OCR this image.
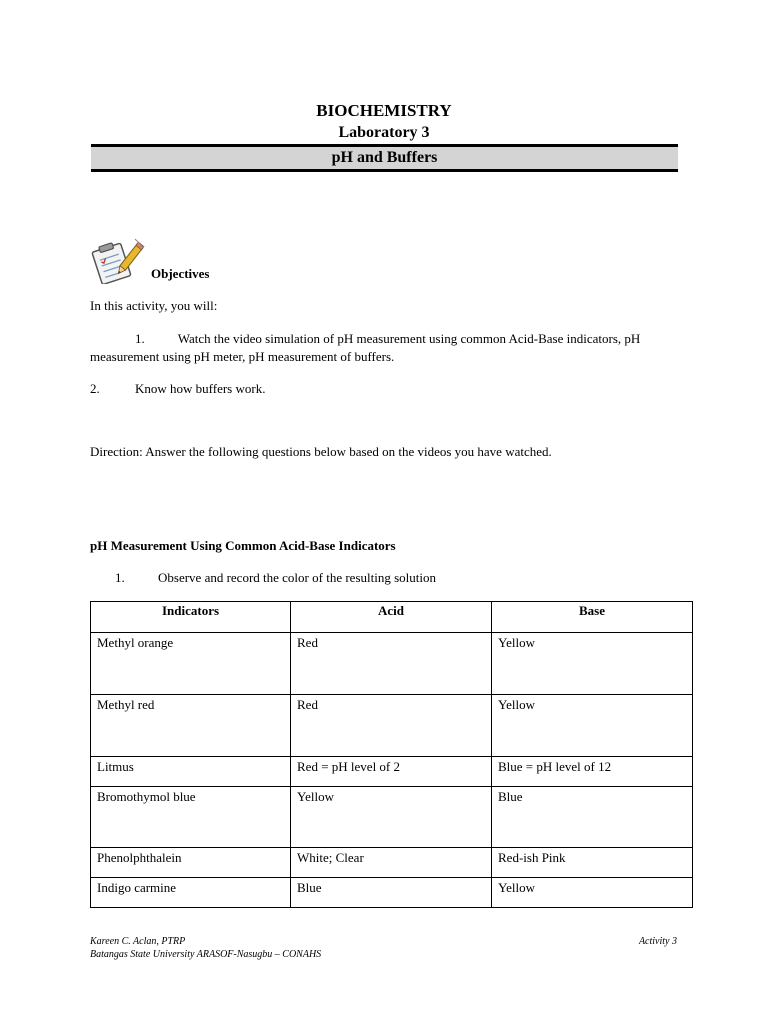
BIOCHEMISTRY
Laboratory 3
pH and Buffers
Objectives
In this activity, you will:
1.	Watch the video simulation of pH measurement using common Acid-Base indicators, pH measurement using pH meter, pH measurement of buffers.
2.	Know how buffers work.
Direction: Answer the following questions below based on the videos you have watched.
pH Measurement Using Common Acid-Base Indicators
1.	Observe and record the color of the resulting solution
Indicators	Acid	Base
Methyl orange	Red	Yellow
Methyl red	Red	Yellow
Litmus	Red = pH level of 2	Blue = pH level of 12
Bromothymol blue	Yellow	Blue
Phenolphthalein	White; Clear	Red-ish Pink
Indigo carmine	Blue	Yellow
Kareen C. Aclan, PTRP
Batangas State University ARASOF-Nasugbu – CONAHS
Activity 3
